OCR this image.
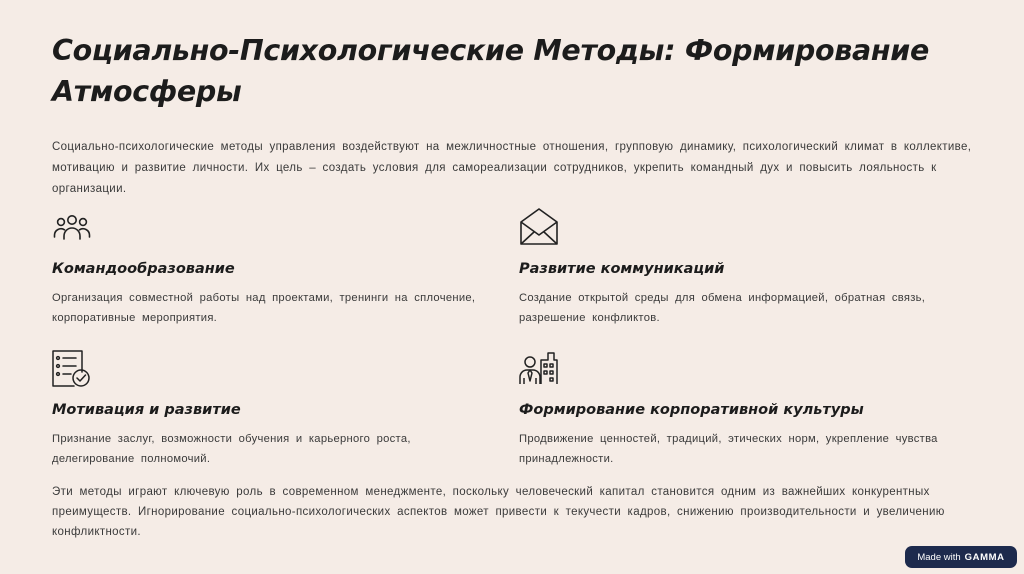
Социально-Психологические Методы: Формирование Атмосферы

Социально-психологические методы управления воздействуют на межличностные отношения, групповую динамику, психологический климат в коллективе, мотивацию и развитие личности. Их цель – создать условия для самореализации сотрудников, укрепить командный дух и повысить лояльность к организации.

Командообразование

Организация совместной работы над проектами, тренинги на сплочение, корпоративные мероприятия.

Развитие коммуникаций

Создание открытой среды для обмена информацией, обратная связь, разрешение конфликтов.

Мотивация и развитие

Признание заслуг, возможности обучения и карьерного роста, делегирование полномочий.

Формирование корпоративной культуры

Продвижение ценностей, традиций, этических норм, укрепление чувства принадлежности.

Эти методы играют ключевую роль в современном менеджменте, поскольку человеческий капитал становится одним из важнейших конкурентных преимуществ. Игнорирование социально-психологических аспектов может привести к текучести кадров, снижению производительности и увеличению конфликтности.

Made with GAMMA
